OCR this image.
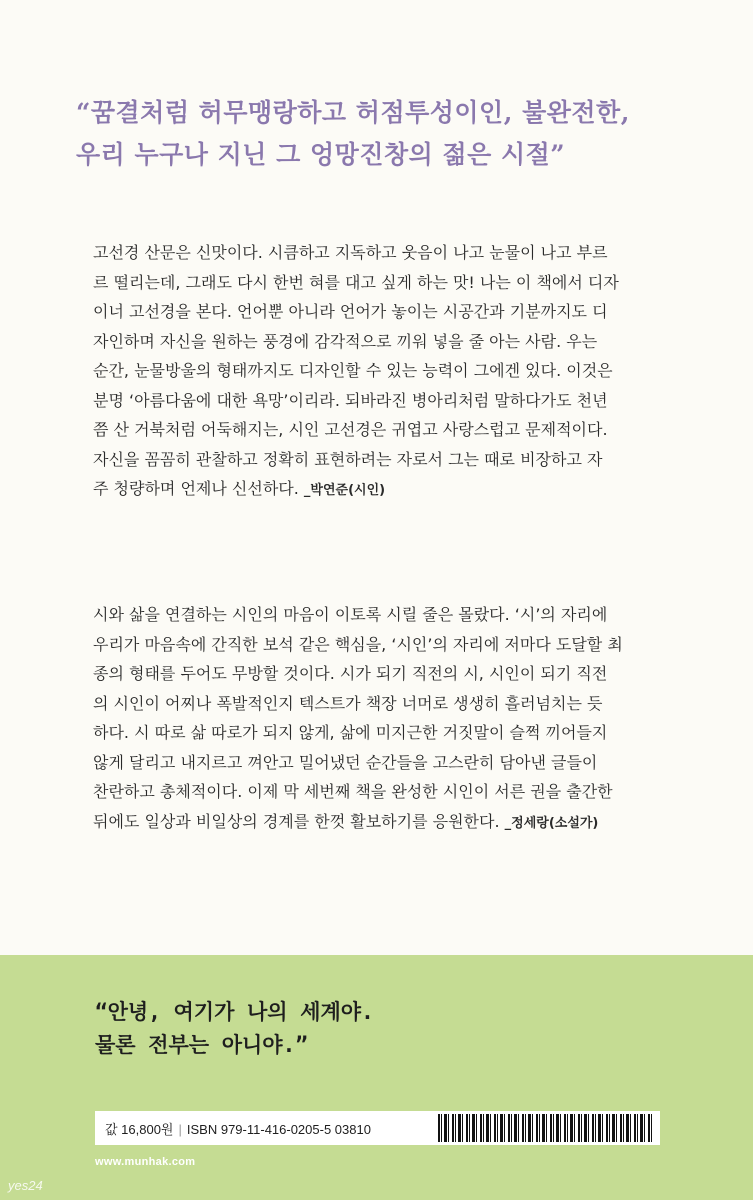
“꿈결처럼 허무맹랑하고 허점투성이인, 불완전한,
우리 누구나 지닌 그 엉망진창의 젊은 시절”
고선경 산문은 신맛이다. 시큼하고 지독하고 웃음이 나고 눈물이 나고 부르
르 떨리는데, 그래도 다시 한번 혀를 대고 싶게 하는 맛! 나는 이 책에서 디자
이너 고선경을 본다. 언어뿐 아니라 언어가 놓이는 시공간과 기분까지도 디
자인하며 자신을 원하는 풍경에 감각적으로 끼워 넣을 줄 아는 사람. 우는
순간, 눈물방울의 형태까지도 디자인할 수 있는 능력이 그에겐 있다. 이것은
분명 ‘아름다움에 대한 욕망’이리라. 되바라진 병아리처럼 말하다가도 천년
쯤 산 거북처럼 어둑해지는, 시인 고선경은 귀엽고 사랑스럽고 문제적이다.
자신을 꼼꼼히 관찰하고 정확히 표현하려는 자로서 그는 때로 비장하고 자
주 청량하며 언제나 신선하다. _박연준(시인)
시와 삶을 연결하는 시인의 마음이 이토록 시릴 줄은 몰랐다. ‘시’의 자리에
우리가 마음속에 간직한 보석 같은 핵심을, ‘시인’의 자리에 저마다 도달할 최
종의 형태를 두어도 무방할 것이다. 시가 되기 직전의 시, 시인이 되기 직전
의 시인이 어찌나 폭발적인지 텍스트가 책장 너머로 생생히 흘러넘치는 듯
하다. 시 따로 삶 따로가 되지 않게, 삶에 미지근한 거짓말이 슬쩍 끼어들지
않게 달리고 내지르고 껴안고 밀어냈던 순간들을 고스란히 담아낸 글들이
찬란하고 총체적이다. 이제 막 세번째 책을 완성한 시인이 서른 권을 출간한
뒤에도 일상과 비일상의 경계를 한껏 활보하기를 응원한다. _정세랑(소설가)
“안녕, 여기가 나의 세계야.
물론 전부는 아니야.”
값 16,800원 | ISBN 979-11-416-0205-5 03810
www.munhak.com
yes24
